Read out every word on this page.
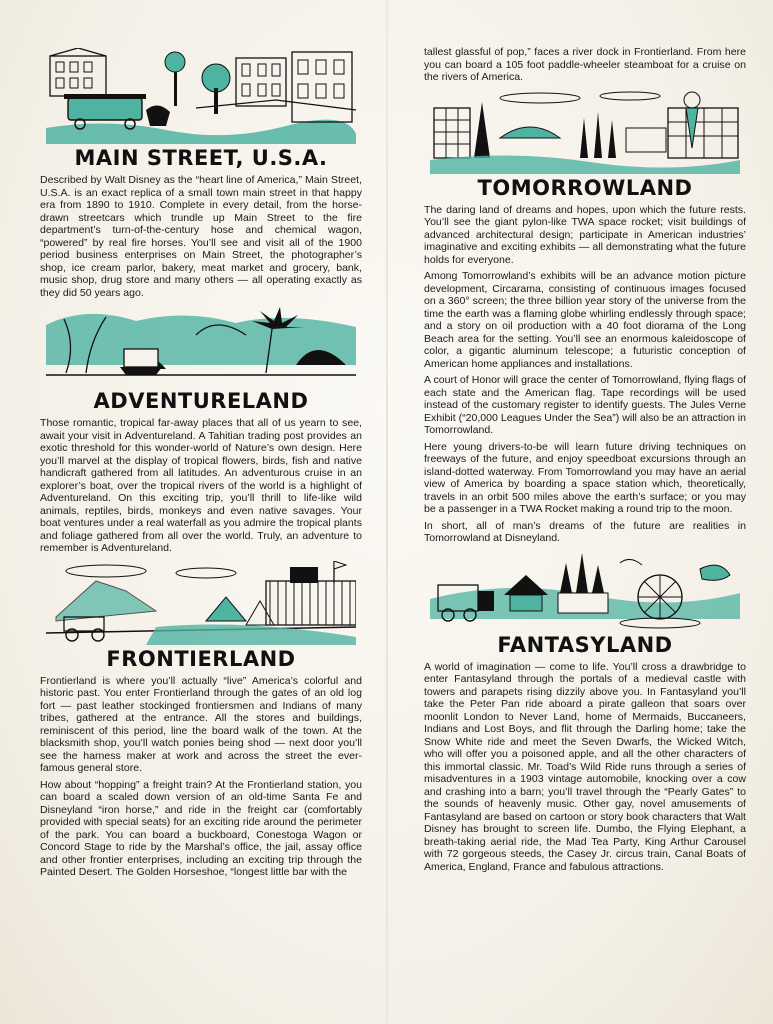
MAIN STREET, U.S.A.

Described by Walt Disney as the “heart line of America,” Main Street, U.S.A. is an exact replica of a small town main street in that happy era from 1890 to 1910. Complete in every detail, from the horse-drawn streetcars which trundle up Main Street to the fire department’s turn-of-the-century hose and chemical wagon, “powered” by real fire horses. You’ll see and visit all of the 1900 period business enterprises on Main Street, the photographer’s shop, ice cream parlor, bakery, meat market and grocery, bank, music shop, drug store and many others — all operating exactly as they did 50 years ago.

ADVENTURELAND

Those romantic, tropical far-away places that all of us yearn to see, await your visit in Adventureland. A Tahitian trading post provides an exotic threshold for this wonder-world of Nature’s own design. Here you’ll marvel at the display of tropical flowers, birds, fish and native handicraft gathered from all latitudes. An adventurous cruise in an explorer’s boat, over the tropical rivers of the world is a highlight of Adventureland. On this exciting trip, you’ll thrill to life-like wild animals, reptiles, birds, monkeys and even native savages. Your boat ventures under a real waterfall as you admire the tropical plants and foliage gathered from all over the world. Truly, an adventure to remember is Adventureland.

FRONTIERLAND

Frontierland is where you’ll actually “live” America’s colorful and historic past. You enter Frontierland through the gates of an old log fort — past leather stockinged frontiersmen and Indians of many tribes, gathered at the entrance. All the stores and buildings, reminiscent of this period, line the board walk of the town. At the blacksmith shop, you’ll watch ponies being shod — next door you’ll see the harness maker at work and across the street the ever-famous general store.

How about “hopping” a freight train? At the Frontierland station, you can board a scaled down version of an old-time Santa Fe and Disneyland “iron horse,” and ride in the freight car (comfortably provided with special seats) for an exciting ride around the perimeter of the park. You can board a buckboard, Conestoga Wagon or Concord Stage to ride by the Marshal’s office, the jail, assay office and other frontier enterprises, including an exciting trip through the Painted Desert. The Golden Horseshoe, “longest little bar with the

tallest glassful of pop,” faces a river dock in Frontierland. From here you can board a 105 foot paddle-wheeler steamboat for a cruise on the rivers of America.

TOMORROWLAND

The daring land of dreams and hopes, upon which the future rests. You’ll see the giant pylon-like TWA space rocket; visit buildings of advanced architectural design; participate in American industries’ imaginative and exciting exhibits — all demonstrating what the future holds for everyone.

Among Tomorrowland’s exhibits will be an advance motion picture development, Circarama, consisting of continuous images focused on a 360° screen; the three billion year story of the universe from the time the earth was a flaming globe whirling endlessly through space; and a story on oil production with a 40 foot diorama of the Long Beach area for the setting. You’ll see an enormous kaleidoscope of color, a gigantic aluminum telescope; a futuristic conception of American home appliances and installations.

A court of Honor will grace the center of Tomorrowland, flying flags of each state and the American flag. Tape recordings will be used instead of the customary register to identify guests. The Jules Verne Exhibit (“20,000 Leagues Under the Sea”) will also be an attraction in Tomorrowland.

Here young drivers-to-be will learn future driving techniques on freeways of the future, and enjoy speedboat excursions through an island-dotted waterway. From Tomorrowland you may have an aerial view of America by boarding a space station which, theoretically, travels in an orbit 500 miles above the earth’s surface; or you may be a passenger in a TWA Rocket making a round trip to the moon.

In short, all of man’s dreams of the future are realities in Tomorrowland at Disneyland.

FANTASYLAND

A world of imagination — come to life. You’ll cross a drawbridge to enter Fantasyland through the portals of a medieval castle with towers and parapets rising dizzily above you. In Fantasyland you’ll take the Peter Pan ride aboard a pirate galleon that soars over moonlit London to Never Land, home of Mermaids, Buccaneers, Indians and Lost Boys, and flit through the Darling home; take the Snow White ride and meet the Seven Dwarfs, the Wicked Witch, who will offer you a poisoned apple, and all the other characters of this immortal classic. Mr. Toad’s Wild Ride runs through a series of misadventures in a 1903 vintage automobile, knocking over a cow and crashing into a barn; you’ll travel through the “Pearly Gates” to the sounds of heavenly music. Other gay, novel amusements of Fantasyland are based on cartoon or story book characters that Walt Disney has brought to screen life. Dumbo, the Flying Elephant, a breath-taking aerial ride, the Mad Tea Party, King Arthur Carousel with 72 gorgeous steeds, the Casey Jr. circus train, Canal Boats of America, England, France and fabulous attractions.
